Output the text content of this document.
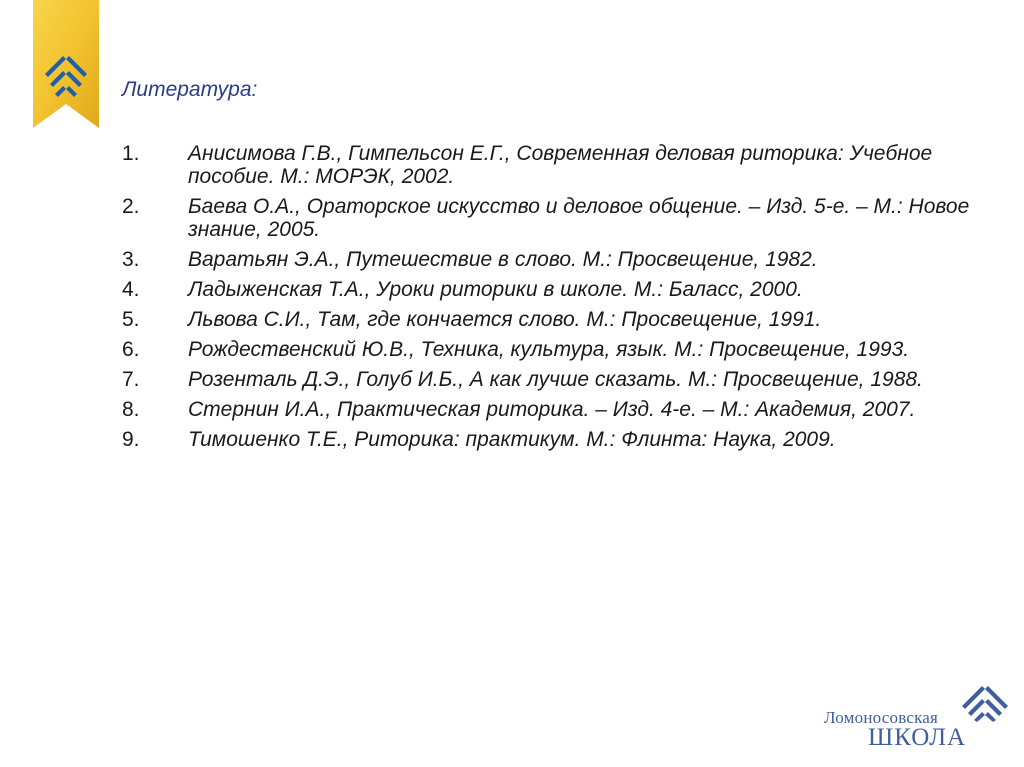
Литература:
1.	Анисимова Г.В., Гимпельсон Е.Г., Современная деловая риторика: Учебное пособие. М.: МОРЭК, 2002.
2.	Баева О.А., Ораторское искусство и деловое общение. – Изд. 5-е. – М.: Новое знание, 2005.
3.	Варатьян Э.А., Путешествие в слово. М.: Просвещение, 1982.
4.	Ладыженская Т.А., Уроки риторики в школе. М.: Баласс, 2000.
5.	Львова С.И., Там, где кончается слово. М.: Просвещение, 1991.
6.	Рождественский Ю.В., Техника, культура, язык. М.: Просвещение, 1993.
7.	Розенталь Д.Э., Голуб И.Б., А как лучше сказать. М.: Просвещение, 1988.
8.	Стернин И.А., Практическая риторика. – Изд. 4-е. – М.: Академия, 2007.
9.	Тимошенко Т.Е., Риторика: практикум. М.: Флинта: Наука, 2009.
Ломоносовская
ШКОЛА
